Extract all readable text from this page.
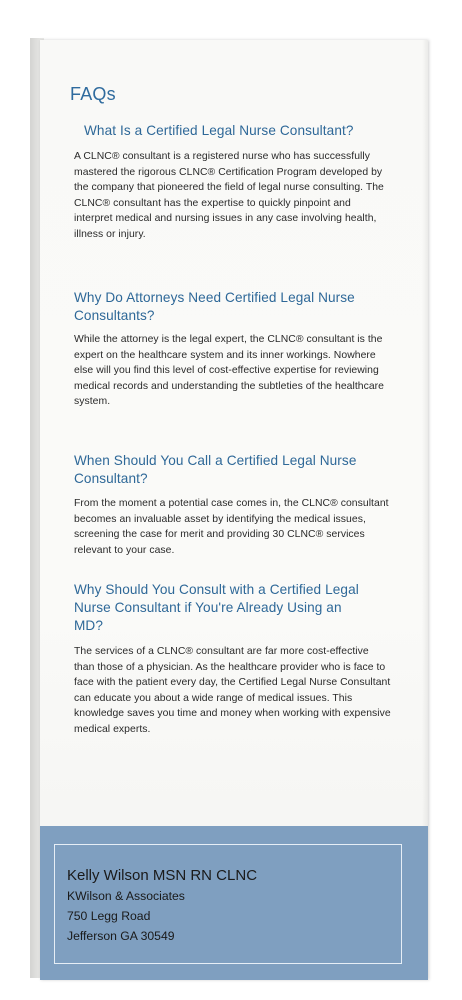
FAQs
What Is a Certified Legal Nurse Consultant?
A CLNC® consultant is a registered nurse who has successfully mastered the rigorous CLNC® Certification Program developed by the company that pioneered the field of legal nurse consulting. The CLNC® consultant has the expertise to quickly pinpoint and interpret medical and nursing issues in any case involving health, illness or injury.
Why Do Attorneys Need Certified Legal Nurse Consultants?
While the attorney is the legal expert, the CLNC® consultant is the expert on the healthcare system and its inner workings. Nowhere else will you find this level of cost-effective expertise for reviewing medical records and understanding the subtleties of the healthcare system.
When Should You Call a Certified Legal Nurse Consultant?
From the moment a potential case comes in, the CLNC® consultant becomes an invaluable asset by identifying the medical issues, screening the case for merit and providing 30 CLNC® services relevant to your case.
Why Should You Consult with a Certified Legal Nurse Consultant if You're Already Using an MD?
The services of a CLNC® consultant are far more cost-effective than those of a physician. As the healthcare provider who is face to face with the patient every day, the Certified Legal Nurse Consultant can educate you about a wide range of medical issues. This knowledge saves you time and money when working with expensive medical experts.
Kelly Wilson MSN RN CLNC
KWilson & Associates
750 Legg Road
Jefferson GA 30549
